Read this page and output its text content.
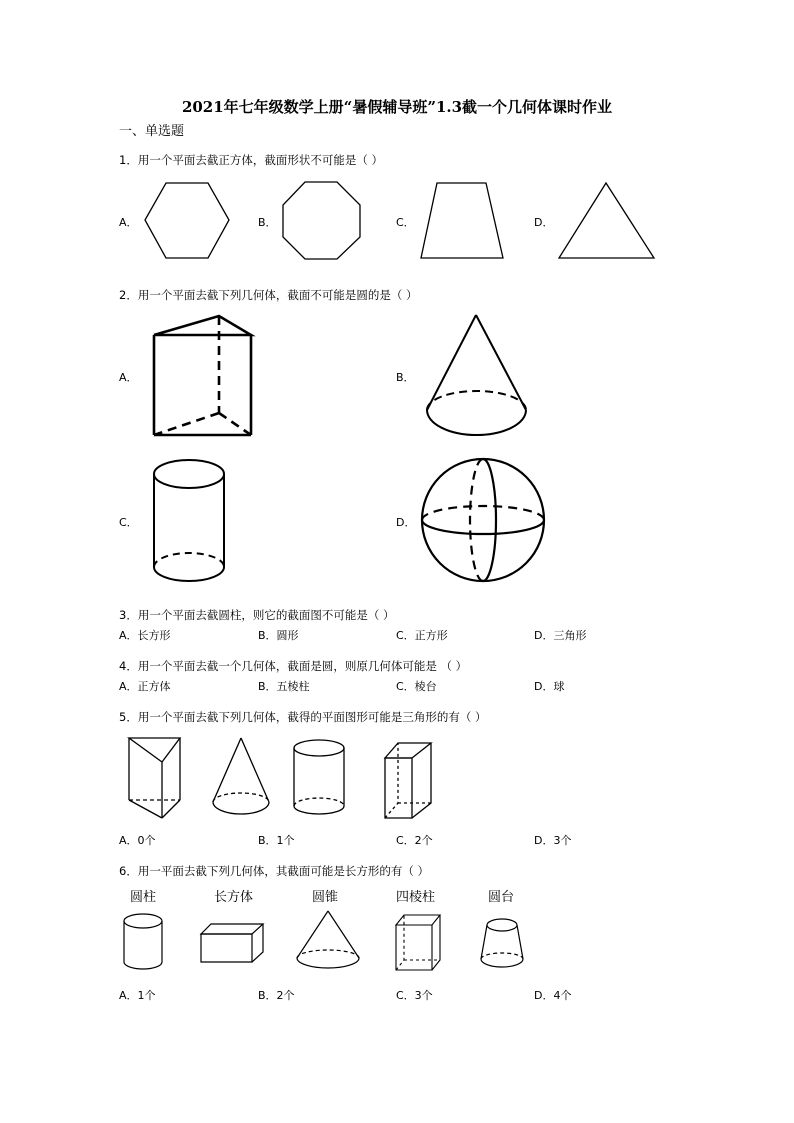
2021年七年级数学上册“暑假辅导班”1.3截一个几何体课时作业
一、单选题
1．用一个平面去截正方体，截面形状不可能是（ ）
A．	B．	C．	D．
2．用一个平面去截下列几何体，截面不可能是圆的是（ ）
A．	B．
C．	D．
3．用一个平面去截圆柱，则它的截面图不可能是（ ）
A．长方形	B．圆形	C．正方形	D．三角形
4．用一个平面去截一个几何体，截面是圆，则原几何体可能是 （ ）
A．正方体	B．五棱柱	C．棱台	D．球
5．用一个平面去截下列几何体，截得的平面图形可能是三角形的有（ ）
A．0个	B．1个	C．2个	D．3个
6．用一平面去截下列几何体，其截面可能是长方形的有（ ）
圆柱	长方体	圆锥	四棱柱	圆台
A．1个	B．2个	C．3个	D．4个
